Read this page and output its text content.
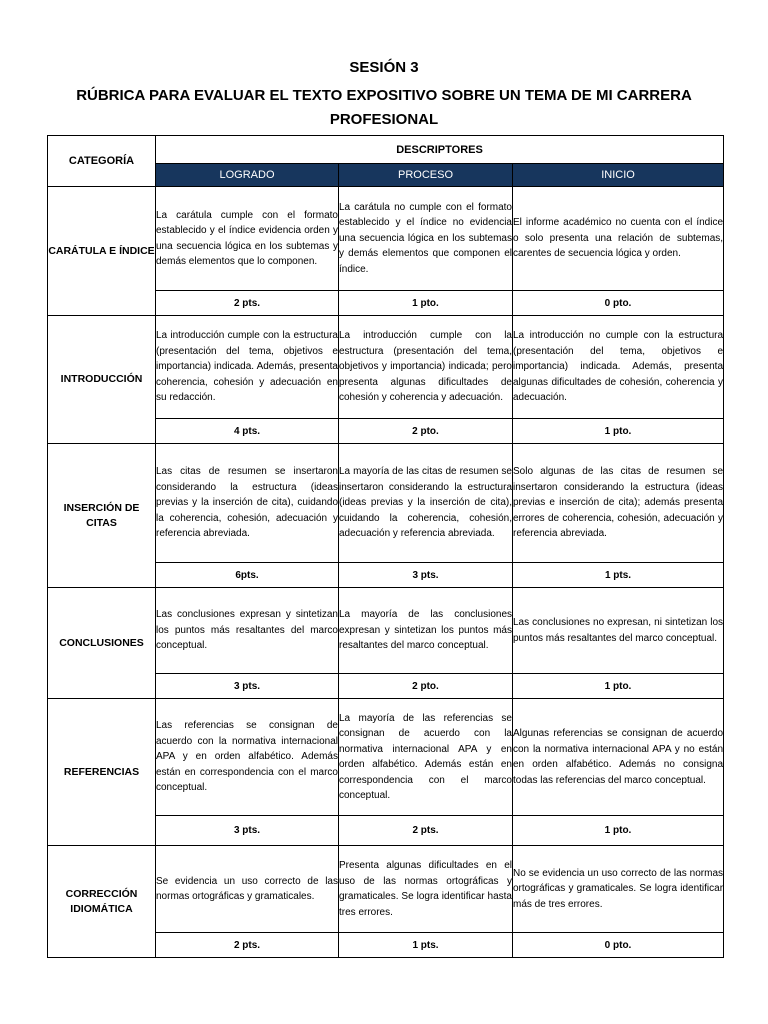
SESIÓN 3
RÚBRICA PARA EVALUAR EL TEXTO EXPOSITIVO SOBRE UN TEMA DE MI CARRERA
PROFESIONAL
CATEGORÍA	DESCRIPTORES		
	LOGRADO	PROCESO	INICIO
CARÁTULA E ÍNDICE	La carátula cumple con el formato establecido y el índice evidencia orden y una secuencia lógica en los subtemas y demás elementos que lo componen.	La carátula no cumple con el formato establecido y el índice no evidencia una secuencia lógica en los subtemas y demás elementos que componen el índice.	El informe académico no cuenta con el índice o solo presenta una relación de subtemas, carentes de secuencia lógica y orden.
	2 pts.	1 pto.	0 pto.
INTRODUCCIÓN	La introducción cumple con la estructura (presentación del tema, objetivos e importancia) indicada. Además, presenta coherencia, cohesión y adecuación en su redacción.	La introducción cumple con la estructura (presentación del tema, objetivos y importancia) indicada; pero presenta algunas dificultades de cohesión y coherencia y adecuación.	La introducción no cumple con la estructura (presentación del tema, objetivos e importancia) indicada. Además, presenta algunas dificultades de cohesión, coherencia y adecuación.
	4 pts.	2 pto.	1 pto.
INSERCIÓN DE CITAS	Las citas de resumen se insertaron considerando la estructura (ideas previas y la inserción de cita), cuidando la coherencia, cohesión, adecuación y referencia abreviada.	La mayoría de las citas de resumen se insertaron considerando la estructura (ideas previas y la inserción de cita), cuidando la coherencia, cohesión, adecuación y referencia abreviada.	Solo algunas de las citas de resumen se insertaron considerando la estructura (ideas previas e inserción de cita); además presenta errores de coherencia, cohesión, adecuación y referencia abreviada.
	6pts.	3 pts.	1 pts.
CONCLUSIONES	Las conclusiones expresan y sintetizan los puntos más resaltantes del marco conceptual.	La mayoría de las conclusiones expresan y sintetizan los puntos más resaltantes del marco conceptual.	Las conclusiones no expresan, ni sintetizan los puntos más resaltantes del marco conceptual.
	3 pts.	2 pto.	1 pto.
REFERENCIAS	Las referencias se consignan de acuerdo con la normativa internacional APA y en orden alfabético. Además están en correspondencia con el marco conceptual.	La mayoría de las referencias se consignan de acuerdo con la normativa internacional APA y en orden alfabético. Además están en correspondencia con el marco conceptual.	Algunas referencias se consignan de acuerdo con la normativa internacional APA y no están en orden alfabético. Además no consigna todas las referencias del marco conceptual.
	3 pts.	2 pts.	1 pto.
CORRECCIÓN IDIOMÁTICA	Se evidencia un uso correcto de las normas ortográficas y gramaticales.	Presenta algunas dificultades en el uso de las normas ortográficas y gramaticales. Se logra identificar hasta tres errores.	No se evidencia un uso correcto de las normas ortográficas y gramaticales. Se logra identificar más de tres errores.
	2 pts.	1 pts.	0 pto.
